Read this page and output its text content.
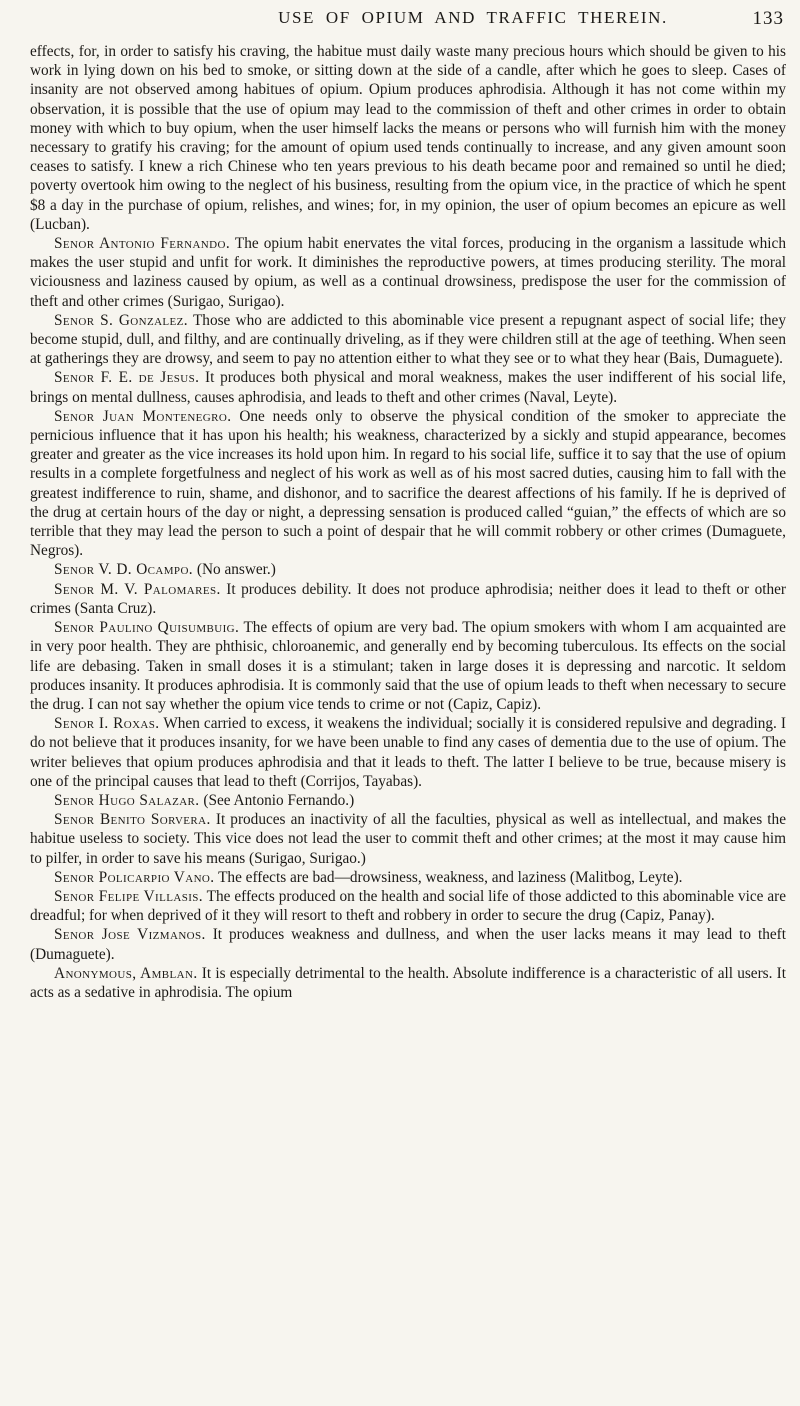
USE OF OPIUM AND TRAFFIC THEREIN.	133

effects, for, in order to satisfy his craving, the habitue must daily waste many precious hours which should be given to his work in lying down on his bed to smoke, or sitting down at the side of a candle, after which he goes to sleep. Cases of insanity are not observed among habitues of opium. Opium produces aphrodisia. Although it has not come within my observation, it is possible that the use of opium may lead to the commission of theft and other crimes in order to obtain money with which to buy opium, when the user himself lacks the means or persons who will furnish him with the money necessary to gratify his craving; for the amount of opium used tends continually to increase, and any given amount soon ceases to satisfy. I knew a rich Chinese who ten years previous to his death became poor and remained so until he died; poverty overtook him owing to the neglect of his business, resulting from the opium vice, in the practice of which he spent $8 a day in the purchase of opium, relishes, and wines; for, in my opinion, the user of opium becomes an epicure as well (Lucban).

Senor Antonio Fernando. The opium habit enervates the vital forces, producing in the organism a lassitude which makes the user stupid and unfit for work. It diminishes the reproductive powers, at times producing sterility. The moral viciousness and laziness caused by opium, as well as a continual drowsiness, predispose the user for the commission of theft and other crimes (Surigao, Surigao).

Senor S. Gonzalez. Those who are addicted to this abominable vice present a repugnant aspect of social life; they become stupid, dull, and filthy, and are continually driveling, as if they were children still at the age of teething. When seen at gatherings they are drowsy, and seem to pay no attention either to what they see or to what they hear (Bais, Dumaguete).

Senor F. E. de Jesus. It produces both physical and moral weakness, makes the user indifferent of his social life, brings on mental dullness, causes aphrodisia, and leads to theft and other crimes (Naval, Leyte).

Senor Juan Montenegro. One needs only to observe the physical condition of the smoker to appreciate the pernicious influence that it has upon his health; his weakness, characterized by a sickly and stupid appearance, becomes greater and greater as the vice increases its hold upon him. In regard to his social life, suffice it to say that the use of opium results in a complete forgetfulness and neglect of his work as well as of his most sacred duties, causing him to fall with the greatest indifference to ruin, shame, and dishonor, and to sacrifice the dearest affections of his family. If he is deprived of the drug at certain hours of the day or night, a depressing sensation is produced called “guian,” the effects of which are so terrible that they may lead the person to such a point of despair that he will commit robbery or other crimes (Dumaguete, Negros).

Senor V. D. Ocampo. (No answer.)

Senor M. V. Palomares. It produces debility. It does not produce aphrodisia; neither does it lead to theft or other crimes (Santa Cruz).

Senor Paulino Quisumbuig. The effects of opium are very bad. The opium smokers with whom I am acquainted are in very poor health. They are phthisic, chloroanemic, and generally end by becoming tuberculous. Its effects on the social life are debasing. Taken in small doses it is a stimulant; taken in large doses it is depressing and narcotic. It seldom produces insanity. It produces aphrodisia. It is commonly said that the use of opium leads to theft when necessary to secure the drug. I can not say whether the opium vice tends to crime or not (Capiz, Capiz).

Senor I. Roxas. When carried to excess, it weakens the individual; socially it is considered repulsive and degrading. I do not believe that it produces insanity, for we have been unable to find any cases of dementia due to the use of opium. The writer believes that opium produces aphrodisia and that it leads to theft. The latter I believe to be true, because misery is one of the principal causes that lead to theft (Corrijos, Tayabas).

Senor Hugo Salazar. (See Antonio Fernando.)

Senor Benito Sorvera. It produces an inactivity of all the faculties, physical as well as intellectual, and makes the habitue useless to society. This vice does not lead the user to commit theft and other crimes; at the most it may cause him to pilfer, in order to save his means (Surigao, Surigao.)

Senor Policarpio Vano. The effects are bad—drowsiness, weakness, and laziness (Malitbog, Leyte).

Senor Felipe Villasis. The effects produced on the health and social life of those addicted to this abominable vice are dreadful; for when deprived of it they will resort to theft and robbery in order to secure the drug (Capiz, Panay).

Senor Jose Vizmanos. It produces weakness and dullness, and when the user lacks means it may lead to theft (Dumaguete).

Anonymous, Amblan. It is especially detrimental to the health. Absolute indifference is a characteristic of all users. It acts as a sedative in aphrodisia. The opium
